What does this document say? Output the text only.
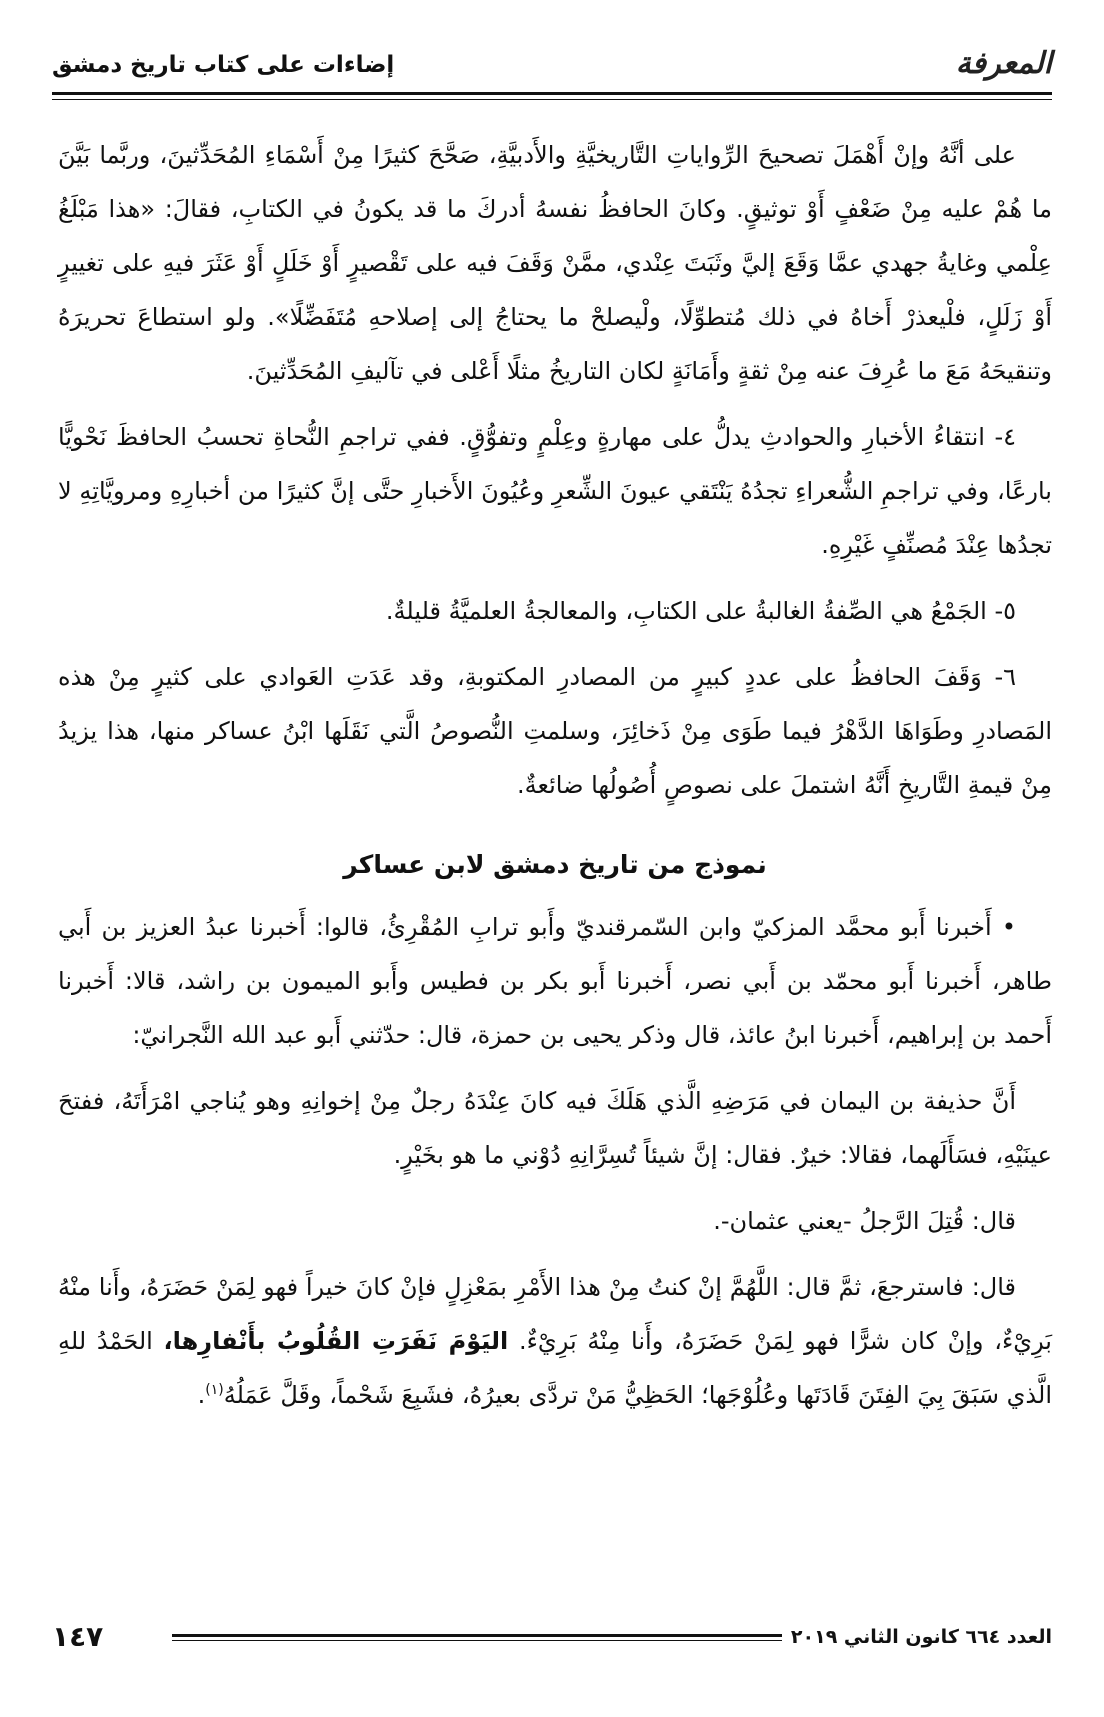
المعرفة
إضاءات على كتاب تاريخ دمشق

على أنَّهُ وإنْ أَهْمَلَ تصحيحَ الرِّواياتِ التَّاريخيَّةِ والأَدبيَّةِ، صَحَّحَ كثيرًا مِنْ أَسْمَاءِ المُحَدِّثينَ، وربَّما بَيَّنَ ما هُمْ عليه مِنْ ضَعْفٍ أَوْ توثيقٍ. وكانَ الحافظُ نفسهُ أدركَ ما قد يكونُ في الكتابِ، فقالَ: «هذا مَبْلَغُ عِلْمي وغايةُ جهدي عمَّا وَقَعَ إليَّ وثَبَتَ عِنْدي، ممَّنْ وَقَفَ فيه على تَقْصيرٍ أَوْ خَلَلٍ أَوْ عَثَرَ فيهِ على تغييرٍ أَوْ زَلَلٍ، فلْيعذرْ أَخاهُ في ذلك مُتطوِّلًا، ولْيصلحْ ما يحتاجُ إلى إصلاحهِ مُتَفَضِّلًا». ولو استطاعَ تحريرَهُ وتنقيحَهُ مَعَ ما عُرِفَ عنه مِنْ ثقةٍ وأَمَانَةٍ لكان التاريخُ مثلًا أَعْلى في تآليفِ المُحَدِّثينَ.

٤- انتقاءُ الأخبارِ والحوادثِ يدلُّ على مهارةٍ وعِلْمٍ وتفوُّقٍ. ففي تراجمِ النُّحاةِ تحسبُ الحافظَ نَحْويًّا بارعًا، وفي تراجمِ الشُّعراءِ تجدُهُ يَنْتَقي عيونَ الشِّعرِ وعُيُونَ الأَخبارِ حتَّى إنَّ كثيرًا من أخبارِهِ ومرويَّاتِهِ لا تجدُها عِنْدَ مُصنِّفٍ غَيْرِهِ.

٥- الجَمْعُ هي الصِّفةُ الغالبةُ على الكتابِ، والمعالجةُ العلميَّةُ قليلةٌ.

٦- وَقَفَ الحافظُ على عددٍ كبيرٍ من المصادرِ المكتوبةِ، وقد عَدَتِ العَوادي على كثيرٍ مِنْ هذه المَصادرِ وطَوَاهَا الدَّهْرُ فيما طَوَى مِنْ ذَخائِرَ، وسلمتِ النُّصوصُ الَّتي نَقَلَها ابْنُ عساكر منها، هذا يزيدُ مِنْ قيمةِ التَّاريخِ أَنَّهُ اشتملَ على نصوصٍ أُصُولُها ضائعةٌ.

نموذج من تاريخ دمشق لابن عساكر

• أَخبرنا أَبو محمَّد المزكيّ وابن السّمرقنديّ وأَبو ترابِ المُقْرِئُ، قالوا: أَخبرنا عبدُ العزيز بن أَبي طاهر، أَخبرنا أَبو محمّد بن أَبي نصر، أَخبرنا أَبو بكر بن فطيس وأَبو الميمون بن راشد، قالا: أَخبرنا أَحمد بن إبراهيم، أَخبرنا ابنُ عائذ، قال وذكر يحيى بن حمزة، قال: حدّثني أَبو عبد الله النَّجرانيّ:

أَنَّ حذيفة بن اليمان في مَرَضِهِ الَّذي هَلَكَ فيه كانَ عِنْدَهُ رجلٌ مِنْ إخوانِهِ وهو يُناجي امْرَأَتَهُ، ففتحَ عينَيْهِ، فسَأَلَهما، فقالا: خيرٌ. فقال: إنَّ شيئاً تُسِرَّانِهِ دُوْني ما هو بخَيْرٍ.

قال: قُتِلَ الرَّجلُ -يعني عثمان-.

قال: فاسترجعَ، ثمَّ قال: اللَّهُمَّ إنْ كنتُ مِنْ هذا الأَمْرِ بمَعْزِلٍ فإنْ كانَ خيراً فهو لِمَنْ حَضَرَهُ، وأَنا منْهُ بَرِيْءٌ، وإنْ كان شرًّا فهو لِمَنْ حَضَرَهُ، وأَنا مِنْهُ بَرِيْءٌ. اليَوْمَ نَفَرَتِ القُلُوبُ بأَنْفارِها، الحَمْدُ للهِ الَّذي سَبَقَ بِيَ الفِتَنَ قَادَتَها وعُلُوْجَها؛ الحَظِيُّ مَنْ تردَّى بعيرُهُ، فشَبِعَ شَحْماً، وقَلَّ عَمَلُهُ$^{(١)}$.

العدد ٦٦٤ كانون الثاني ٢٠١٩
١٤٧
